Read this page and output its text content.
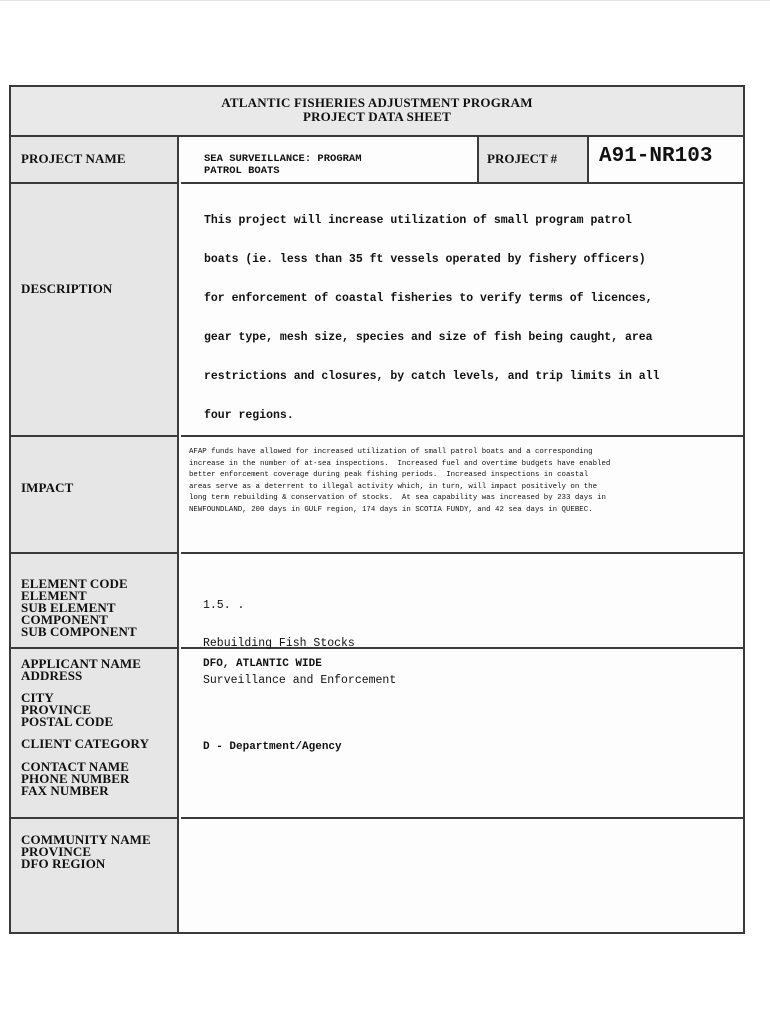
ATLANTIC FISHERIES ADJUSTMENT PROGRAM
PROJECT DATA SHEET
PROJECT NAME	SEA SURVEILLANCE: PROGRAM
PATROL BOATS
PROJECT #	A91-NR103
DESCRIPTION

This project will increase utilization of small program patrol

boats (ie. less than 35 ft vessels operated by fishery officers)

for enforcement of coastal fisheries to verify terms of licences,

gear type, mesh size, species and size of fish being caught, area

restrictions and closures, by catch levels, and trip limits in all

four regions.

IMPACT
AFAP funds have allowed for increased utilization of small patrol boats and a corresponding
increase in the number of at-sea inspections.  Increased fuel and overtime budgets have enabled
better enforcement coverage during peak fishing periods.  Increased inspections in coastal
areas serve as a deterrent to illegal activity which, in turn, will impact positively on the
long term rebuilding & conservation of stocks.  At sea capability was increased by 233 days in
NEWFOUNDLAND, 200 days in GULF region, 174 days in SCOTIA FUNDY, and 42 sea days in QUEBEC.
ELEMENT CODE
ELEMENT
SUB ELEMENT
COMPONENT
SUB COMPONENT

1.5. .

Rebuilding Fish Stocks

Surveillance and Enforcement

APPLICANT NAME
ADDRESS
CITY
PROVINCE
POSTAL CODE
CLIENT CATEGORY
CONTACT NAME
PHONE NUMBER
FAX NUMBER
DFO, ATLANTIC WIDE
D - Department/Agency
COMMUNITY NAME
PROVINCE
DFO REGION
